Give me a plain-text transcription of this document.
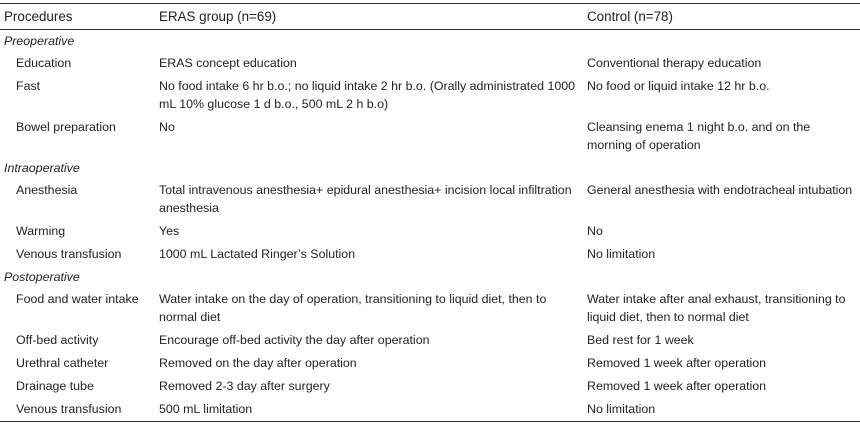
Procedures	ERAS group (n=69)	Control (n=78)
Preoperative		
Education	ERAS concept education	Conventional therapy education
Fast	No food intake 6 hr b.o.; no liquid intake 2 hr b.o. (Orally administrated 1000 mL 10% glucose 1 d b.o., 500 mL 2 h b.o)	No food or liquid intake 12 hr b.o.
Bowel preparation	No	Cleansing enema 1 night b.o. and on the morning of operation
Intraoperative		
Anesthesia	Total intravenous anesthesia+ epidural anesthesia+ incision local infiltration anesthesia	General anesthesia with endotracheal intubation
Warming	Yes	No
Venous transfusion	1000 mL Lactated Ringer’s Solution	No limitation
Postoperative		
Food and water intake	Water intake on the day of operation, transitioning to liquid diet, then to normal diet	Water intake after anal exhaust, transitioning to liquid diet, then to normal diet
Off-bed activity	Encourage off-bed activity the day after operation	Bed rest for 1 week
Urethral catheter	Removed on the day after operation	Removed 1 week after operation
Drainage tube	Removed 2-3 day after surgery	Removed 1 week after operation
Venous transfusion	500 mL limitation	No limitation
